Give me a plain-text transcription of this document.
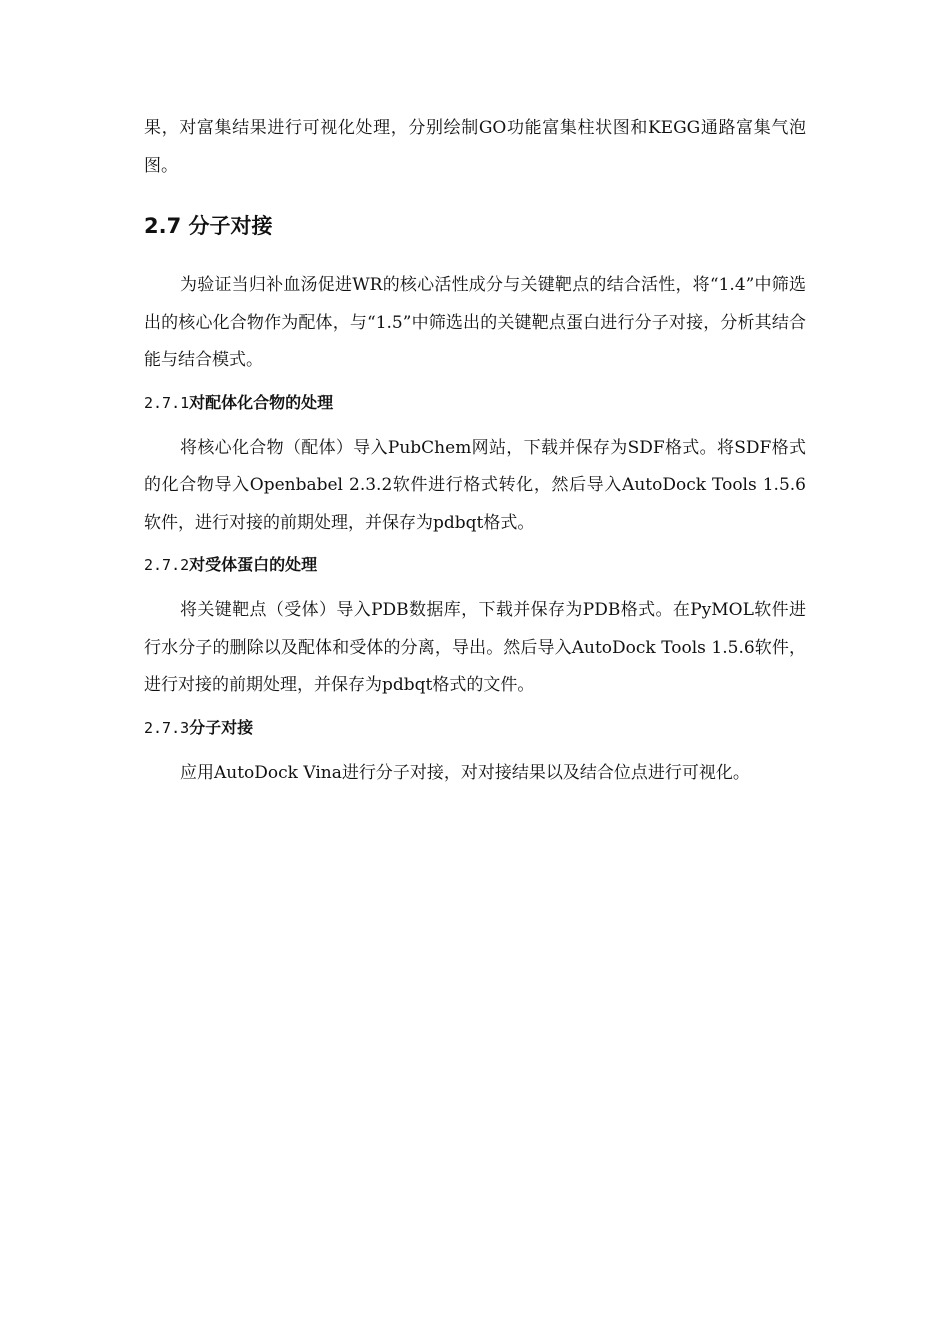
果，对富集结果进行可视化处理，分别绘制GO功能富集柱状图和KEGG通路富集气泡图。

2.7 分子对接

为验证当归补血汤促进WR的核心活性成分与关键靶点的结合活性，将“1.4”中筛选出的核心化合物作为配体，与“1.5”中筛选出的关键靶点蛋白进行分子对接，分析其结合能与结合模式。

2.7.1对配体化合物的处理

将核心化合物（配体）导入PubChem网站，下载并保存为SDF格式。将SDF格式的化合物导入Openbabel 2.3.2软件进行格式转化，然后导入AutoDock Tools 1.5.6软件，进行对接的前期处理，并保存为pdbqt格式。

2.7.2对受体蛋白的处理

将关键靶点（受体）导入PDB数据库，下载并保存为PDB格式。在PyMOL软件进行水分子的删除以及配体和受体的分离，导出。然后导入AutoDock Tools 1.5.6软件，进行对接的前期处理，并保存为pdbqt格式的文件。

2.7.3分子对接

应用AutoDock Vina进行分子对接，对对接结果以及结合位点进行可视化。
